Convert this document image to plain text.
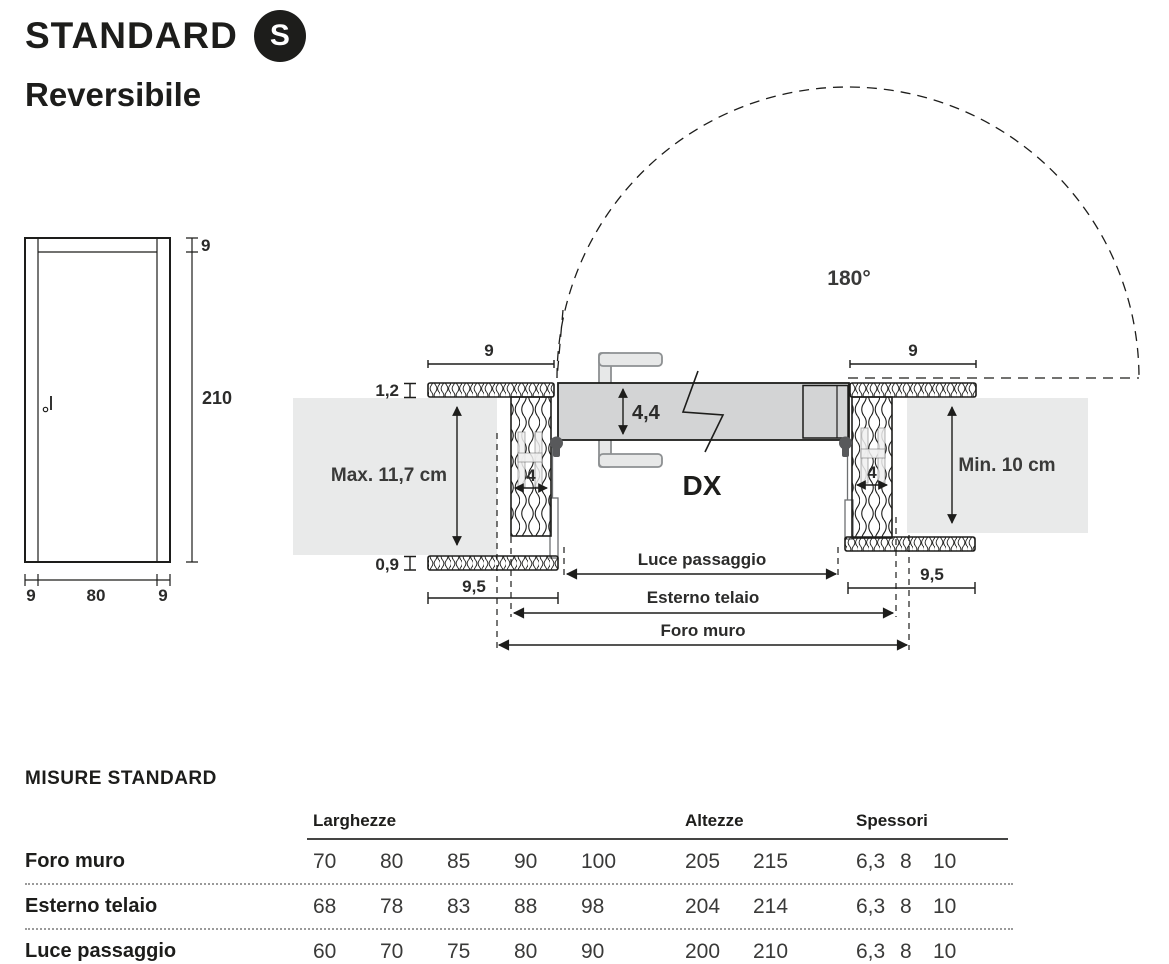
STANDARD	S
Reversibile
9
210
9	80	9
180°
1,2
0,9
9	9
9,5
9,5
4,4
4	4
Max. 11,7 cm	Min. 10 cm
DX
Luce passaggio
Esterno telaio
Foro muro
MISURE STANDARD
Larghezze	Altezze	Spessori
Foro muro	70	80	85	90	100	205	215	6,3 8	10
Esterno telaio	68	78	83	88	98	204	214	6,3 8	10
Luce passaggio	60	70	75	80	90	200	210	6,3 8	10
